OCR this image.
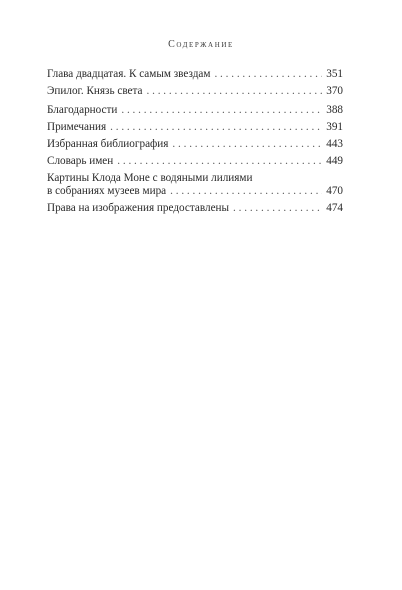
Содержание
Глава двадцатая. К самым звездам . . .	351
Эпилог. Князь света . . .	370
Благодарности . . .	388
Примечания . . .	391
Избранная библиография . . .	443
Словарь имен . . .	449
Картины Клода Моне с водяными лилиями
в собраниях музеев мира . . .	470
Права на изображения предоставлены . . .	474
